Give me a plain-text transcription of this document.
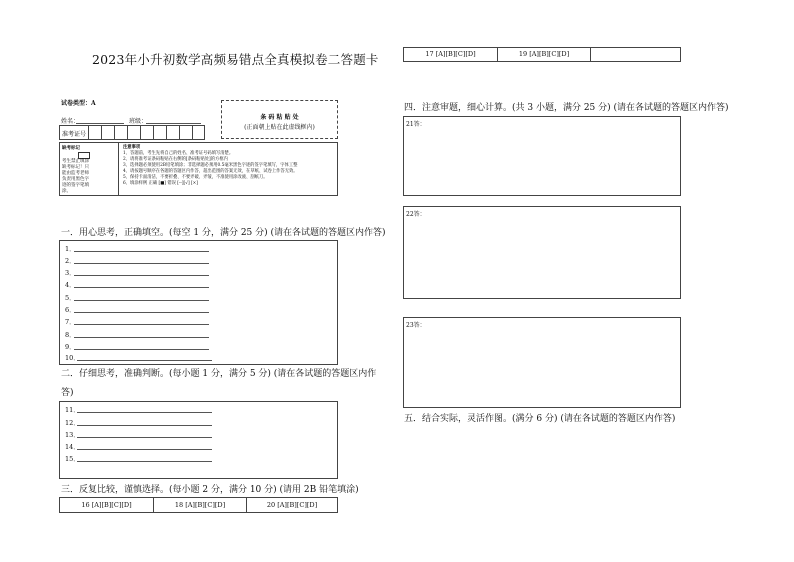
2023年小升初数学高频易错点全真模拟卷二答题卡
试卷类型：A
姓名：	班级：
准考证号
条 码 粘 贴 处
(正面朝上贴在此虚线框内)
缺考标记
考生禁止填涂
缺考标记！只
能由监考老师
负责用黑色字
迹的签字笔填
涂。
注意事项
1、答题前，考生先将自己的姓名、准考证号码填写清楚。
2、请将准考证条码粘贴在右侧的[条码粘贴处]的方框内
3、选择题必须使用2B铅笔填涂；非选择题必须用0.5毫米黑色字迹的签字笔填写，字体工整
4、请按题号顺序在各题的答题区内作答，超出范围的答案无效，在草纸、试卷上作答无效。
5、保持卡面清洁，不要折叠、不要弄破、弄皱，不准使用涂改液、刮纸刀。
6、填涂样例 正确 [■] 错误 [--][√] [×]
一．用心思考，正确填空。(每空 1 分，满分 25 分) (请在各试题的答题区内作答)
1．
2．
3．
4．
5．
6．
7．
8．
9．
10．
二．仔细思考，准确判断。(每小题 1 分，满分 5 分) (请在各试题的答题区内作
答)
11．
12．
13．
14．
15．
三．反复比较，谨慎选择。(每小题 2 分，满分 10 分) (请用 2B 铅笔填涂)
16 [A][B][C][D]	18 [A][B][C][D]	20 [A][B][C][D]
17 [A][B][C][D]	19 [A][B][C][D]
四．注意审题，细心计算。(共 3 小题，满分 25 分) (请在各试题的答题区内作答)
21答：
22答：
23答：
五．结合实际，灵活作图。(满分 6 分) (请在各试题的答题区内作答)
